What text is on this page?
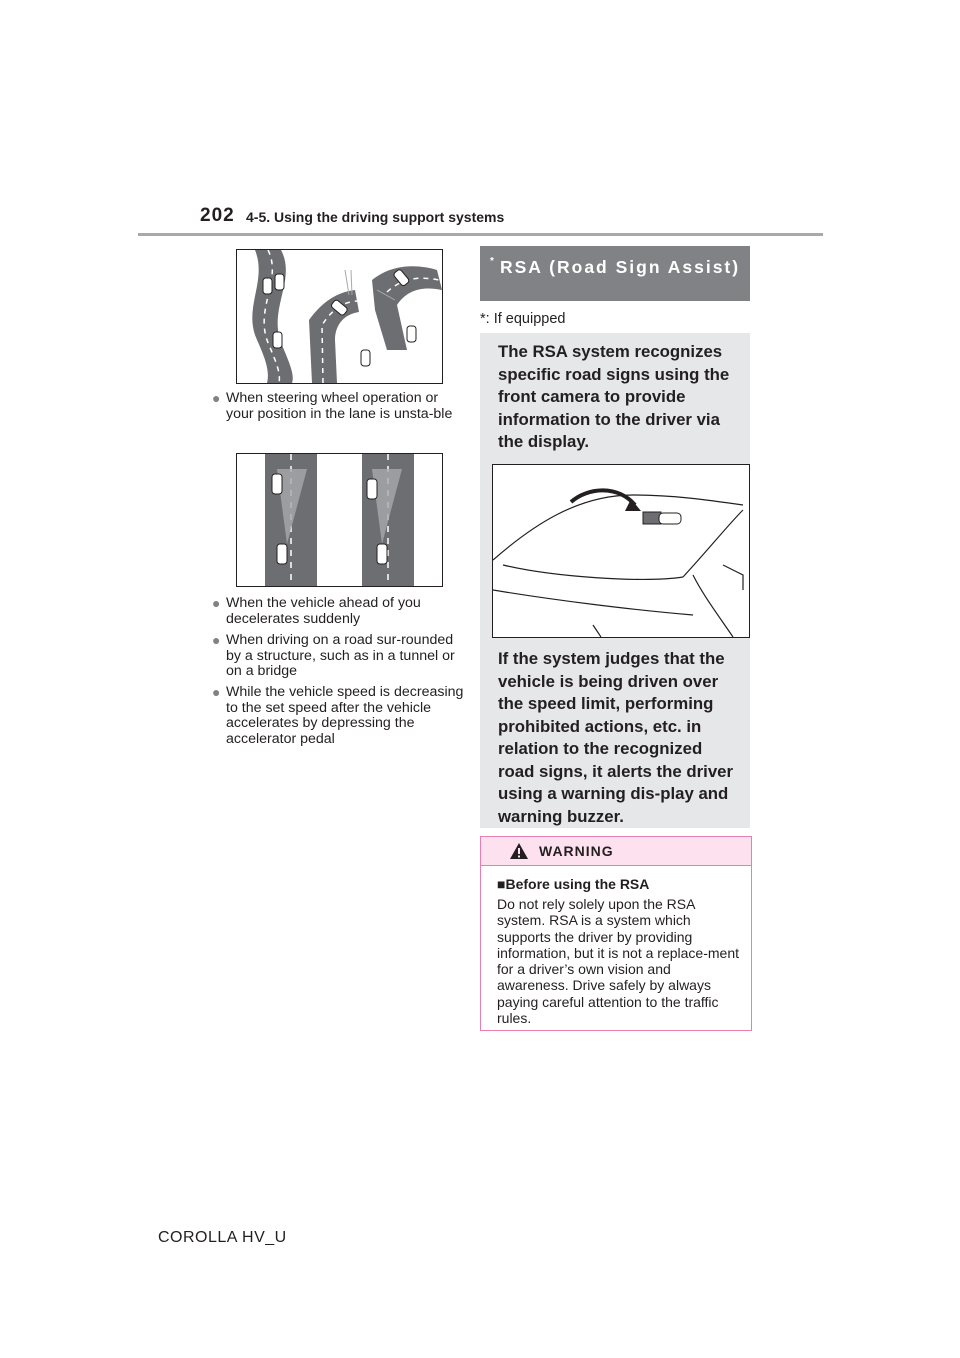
202 4-5. Using the driving support systems
● When steering wheel operation or your position in the lane is unsta-ble
● When the vehicle ahead of you decelerates suddenly
● When driving on a road sur-rounded by a structure, such as in a tunnel or on a bridge
● While the vehicle speed is decreasing to the set speed after the vehicle accelerates by depressing the accelerator pedal
RSA (Road Sign Assist)
*
*: If equipped
The RSA system recognizes specific road signs using the front camera to provide information to the driver via the display.
If the system judges that the vehicle is being driven over the speed limit, performing prohibited actions, etc. in relation to the recognized road signs, it alerts the driver using a warning dis-play and warning buzzer.
WARNING
■Before using the RSA
Do not rely solely upon the RSA system. RSA is a system which supports the driver by providing information, but it is not a replace-ment for a driver’s own vision and awareness. Drive safely by always paying careful attention to the traffic rules.
COROLLA HV_U
